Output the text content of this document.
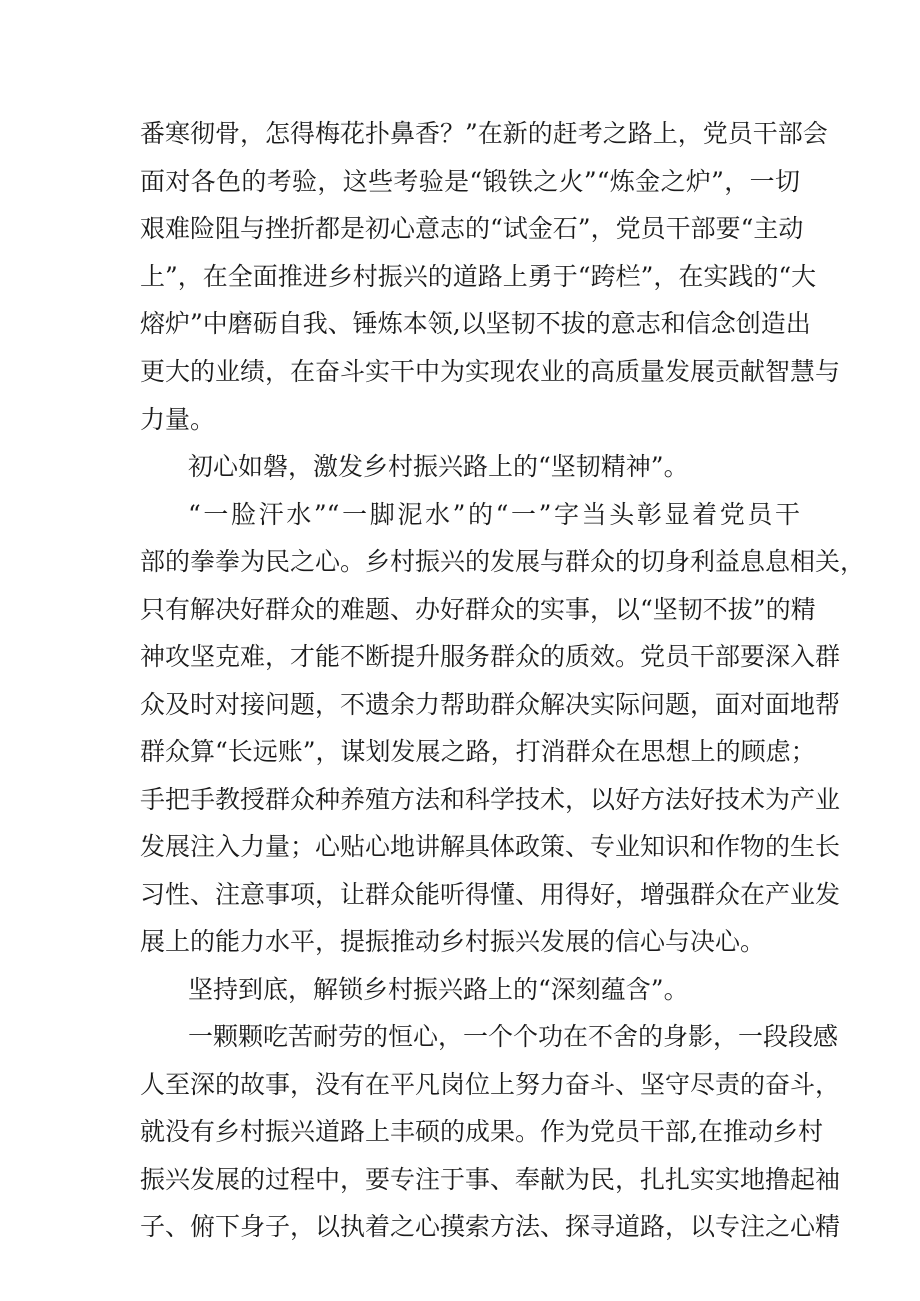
番寒彻骨，怎得梅花扑鼻香？”在新的赶考之路上，党员干部会
面对各色的考验，这些考验是“锻铁之火”“炼金之炉”，一切
艰难险阻与挫折都是初心意志的“试金石”，党员干部要“主动
上”，在全面推进乡村振兴的道路上勇于“跨栏”，在实践的“大
熔炉”中磨砺自我、锤炼本领,以坚韧不拔的意志和信念创造出
更大的业绩，在奋斗实干中为实现农业的高质量发展贡献智慧与
力量。
初心如磐，激发乡村振兴路上的“坚韧精神”。
“一脸汗水”“一脚泥水”的“一”字当头彰显着党员干
部的拳拳为民之心。乡村振兴的发展与群众的切身利益息息相关，
只有解决好群众的难题、办好群众的实事，以“坚韧不拔”的精
神攻坚克难，才能不断提升服务群众的质效。党员干部要深入群
众及时对接问题，不遗余力帮助群众解决实际问题，面对面地帮
群众算“长远账”，谋划发展之路，打消群众在思想上的顾虑；
手把手教授群众种养殖方法和科学技术，以好方法好技术为产业
发展注入力量；心贴心地讲解具体政策、专业知识和作物的生长
习性、注意事项，让群众能听得懂、用得好，增强群众在产业发
展上的能力水平，提振推动乡村振兴发展的信心与决心。
坚持到底，解锁乡村振兴路上的“深刻蕴含”。
一颗颗吃苦耐劳的恒心，一个个功在不舍的身影，一段段感
人至深的故事，没有在平凡岗位上努力奋斗、坚守尽责的奋斗，
就没有乡村振兴道路上丰硕的成果。作为党员干部,在推动乡村
振兴发展的过程中，要专注于事、奉献为民，扎扎实实地撸起袖
子、俯下身子，以执着之心摸索方法、探寻道路，以专注之心精
